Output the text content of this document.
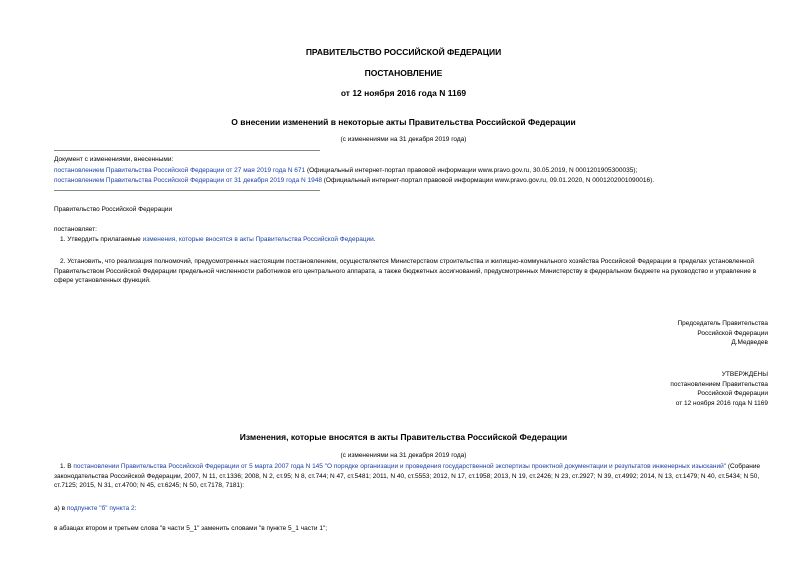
ПРАВИТЕЛЬСТВО РОССИЙСКОЙ ФЕДЕРАЦИИ
ПОСТАНОВЛЕНИЕ
от 12 ноября 2016 года N 1169
О внесении изменений в некоторые акты Правительства Российской Федерации
(с изменениями на 31 декабря 2019 года)
Документ с изменениями, внесенными:
постановлением Правительства Российской Федерации от 27 мая 2019 года N 671 (Официальный интернет-портал правовой информации www.pravo.gov.ru, 30.05.2019, N 0001201905300035);
постановлением Правительства Российской Федерации от 31 декабря 2019 года N 1948 (Официальный интернет-портал правовой информации www.pravo.gov.ru, 09.01.2020, N 0001202001090016).
Правительство Российской Федерации
постановляет:
1. Утвердить прилагаемые изменения, которые вносятся в акты Правительства Российской Федерации.
2. Установить, что реализация полномочий, предусмотренных настоящим постановлением, осуществляется Министерством строительства и жилищно-коммунального хозяйства Российской Федерации в пределах установленной Правительством Российской Федерации предельной численности работников его центрального аппарата, а также бюджетных ассигнований, предусмотренных Министерству в федеральном бюджете на руководство и управление в сфере установленных функций.
Председатель Правительства
Российской Федерации
Д.Медведев
УТВЕРЖДЕНЫ
постановлением Правительства
Российской Федерации
от 12 ноября 2016 года N 1169
Изменения, которые вносятся в акты Правительства Российской Федерации
(с изменениями на 31 декабря 2019 года)
1. В постановлении Правительства Российской Федерации от 5 марта 2007 года N 145 "О порядке организации и проведения государственной экспертизы проектной документации и результатов инженерных изысканий" (Собрание законодательства Российской Федерации, 2007, N 11, ст.1336; 2008, N 2, ст.95; N 8, ст.744; N 47, ст.5481; 2011, N 40, ст.5553; 2012, N 17, ст.1958; 2013, N 19, ст.2426; N 23, ст.2927; N 39, ст.4992; 2014, N 13, ст.1479; N 40, ст.5434; N 50, ст.7125; 2015, N 31, ст.4700; N 45, ст.6245; N 50, ст.7178, 7181):
а) в подпункте "б" пункта 2:
в абзацах втором и третьем слова "в части 5_1" заменить словами "в пункте 5_1 части 1";
